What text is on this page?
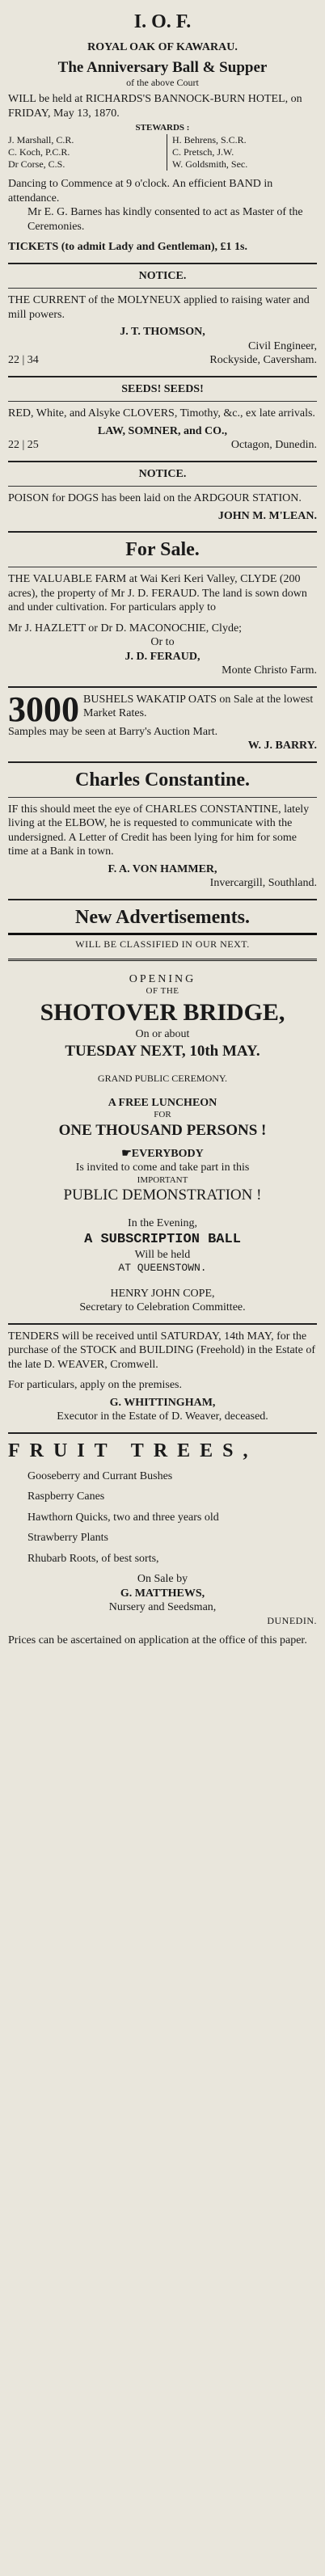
I. O. F.
ROYAL OAK OF KAWARAU.
The Anniversary Ball & Supper
of the above Court
WILL be held at RICHARDS'S BANNOCK-BURN HOTEL, on FRIDAY, May 13, 1870.
STEWARDS :
J. Marshall, C.R.	H. Behrens, S.C.R.
C. Koch, P.C.R.	C. Pretsch, J.W.
Dr Corse, C.S.	W. Goldsmith, Sec.
Dancing to Commence at 9 o'clock. An efficient BAND in attendance.
Mr E. G. Barnes has kindly consented to act as Master of the Ceremonies.
TICKETS (to admit Lady and Gentleman), £1 1s.
NOTICE.
THE CURRENT of the MOLYNEUX applied to raising water and mill powers.
J. T. THOMSON,
Civil Engineer,
22 | 34	Rockyside, Caversham.
SEEDS! SEEDS!
RED, White, and Alsyke CLOVERS, Timothy, &c., ex late arrivals.
LAW, SOMNER, and CO.,
22 | 25	Octagon, Dunedin.
NOTICE.
POISON for DOGS has been laid on the ARDGOUR STATION.
JOHN M. M'LEAN.
For Sale.
THE VALUABLE FARM at Wai Keri Keri Valley, CLYDE (200 acres), the property of Mr J. D. FERAUD. The land is sown down and under cultivation. For particulars apply to
Mr J. HAZLETT or Dr D. MACONOCHIE, Clyde;
Or to
J. D. FERAUD,
Monte Christo Farm.
3000 BUSHELS WAKATIP OATS on Sale at the lowest Market Rates.
Samples may be seen at Barry's Auction Mart.
W. J. BARRY.
Charles Constantine.
IF this should meet the eye of CHARLES CONSTANTINE, lately living at the ELBOW, he is requested to communicate with the undersigned. A Letter of Credit has been lying for him for some time at a Bank in town.
F. A. VON HAMMER,
Invercargill, Southland.
New Advertisements.
WILL BE CLASSIFIED IN OUR NEXT.
OPENING
OF THE
SHOTOVER BRIDGE,
On or about
TUESDAY NEXT, 10th MAY.
GRAND PUBLIC CEREMONY.
A FREE LUNCHEON
FOR
ONE THOUSAND PERSONS !
☛EVERYBODY
Is invited to come and take part in this
IMPORTANT
PUBLIC DEMONSTRATION !
In the Evening,
A SUBSCRIPTION BALL
Will be held
AT QUEENSTOWN.
HENRY JOHN COPE,
Secretary to Celebration Committee.
TENDERS will be received until SATURDAY, 14th MAY, for the purchase of the STOCK and BUILDING (Freehold) in the Estate of the late D. WEAVER, Cromwell.
For particulars, apply on the premises.
G. WHITTINGHAM,
Executor in the Estate of D. Weaver, deceased.
FRUIT TREES,
Gooseberry and Currant Bushes
Raspberry Canes
Hawthorn Quicks, two and three years old
Strawberry Plants
Rhubarb Roots, of best sorts,
On Sale by
G. MATTHEWS,
Nursery and Seedsman,
DUNEDIN.
Prices can be ascertained on application at the office of this paper.
